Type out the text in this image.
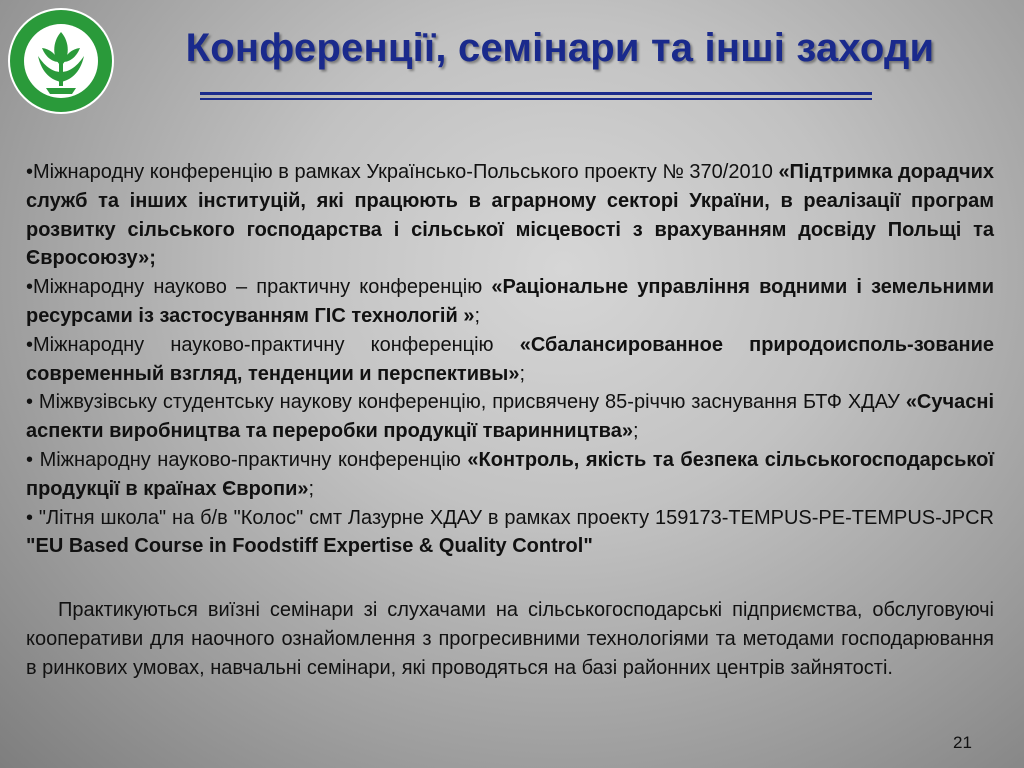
Конференції, семінари та інші заходи

•Міжнародну конференцію в рамках Українсько-Польського проекту № 370/2010 «Підтримка дорадчих служб та інших інституцій, які працюють в аграрному секторі України, в реалізації програм розвитку сільського господарства і сільської місцевості з врахуванням досвіду Польщі та Євросоюзу»;

•Міжнародну науково – практичну конференцію «Раціональне управління водними і земельними ресурсами із застосуванням ГІС технологій »;

•Міжнародну науково-практичну конференцію «Сбалансированное природоисполь-зование современный взгляд, тенденции и перспективы»;

• Міжвузівську студентську наукову конференцію, присвячену 85-річчю заснування БТФ ХДАУ «Сучасні аспекти виробництва та переробки продукції тваринництва»;

• Міжнародну науково-практичну конференцію «Контроль, якість та безпека сільськогосподарської продукції в країнах Європи»;

• "Літня школа" на б/в "Колос" смт Лазурне ХДАУ в рамках проекту 159173-TEMPUS-PE-TEMPUS-JPCR "EU Based Course in Foodstiff Expertise & Quality Control"

Практикуються виїзні семінари зі слухачами на сільськогосподарські підприємства, обслуговуючі кооперативи для наочного ознайомлення з прогресивними технологіями та методами господарювання в ринкових умовах, навчальні семінари, які проводяться на базі районних центрів зайнятості.

21
